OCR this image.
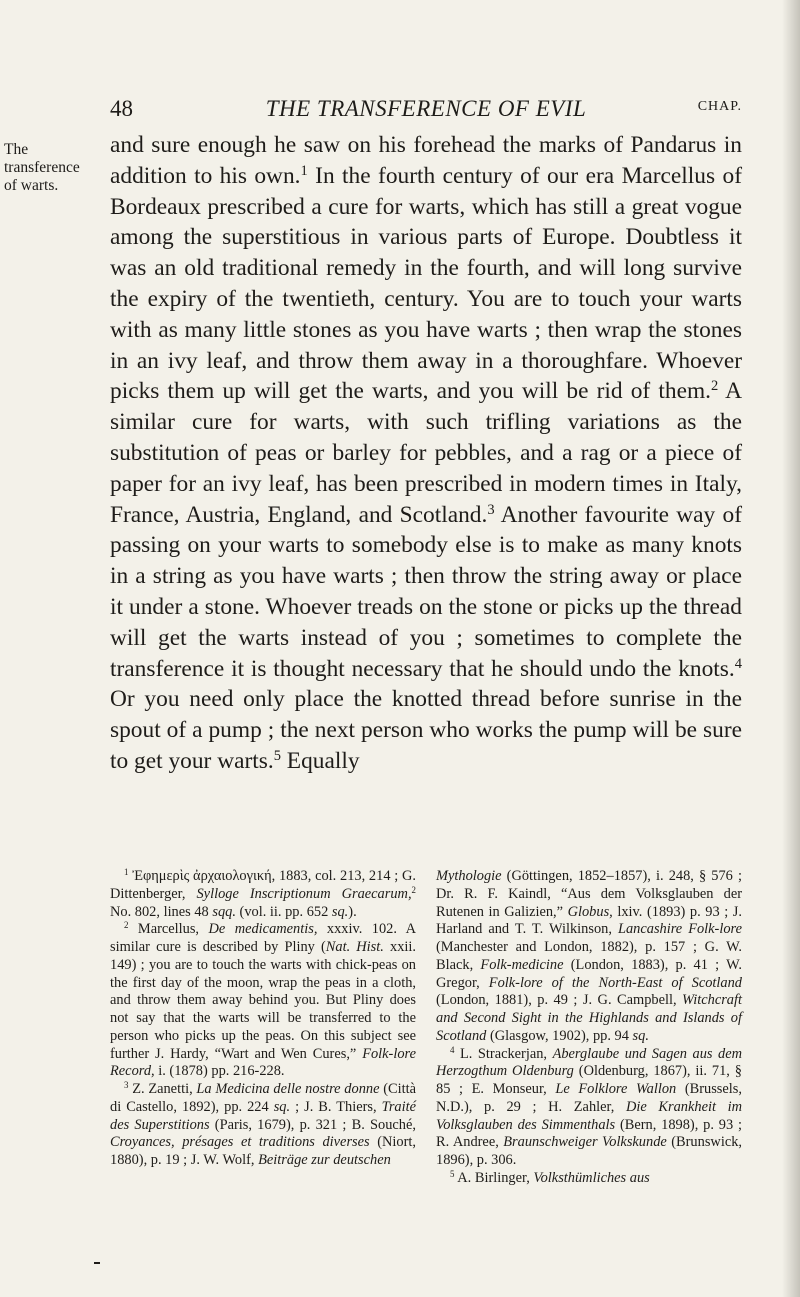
48	THE TRANSFERENCE OF EVIL	CHAP.
The transference of warts.

and sure enough he saw on his forehead the marks of Pandarus in addition to his own.$^1$ In the fourth century of our era Marcellus of Bordeaux prescribed a cure for warts, which has still a great vogue among the superstitious in various parts of Europe. Doubtless it was an old traditional remedy in the fourth, and will long survive the expiry of the twentieth, century. You are to touch your warts with as many little stones as you have warts ; then wrap the stones in an ivy leaf, and throw them away in a thoroughfare. Whoever picks them up will get the warts, and you will be rid of them.$^2$ A similar cure for warts, with such trifling variations as the substitution of peas or barley for pebbles, and a rag or a piece of paper for an ivy leaf, has been prescribed in modern times in Italy, France, Austria, England, and Scotland.$^3$ Another favourite way of passing on your warts to somebody else is to make as many knots in a string as you have warts ; then throw the string away or place it under a stone. Whoever treads on the stone or picks up the thread will get the warts instead of you ; sometimes to complete the transference it is thought necessary that he should undo the knots.$^4$ Or you need only place the knotted thread before sunrise in the spout of a pump ; the next person who works the pump will be sure to get your warts.$^5$ Equally

$^1$ Ἐφημερὶς ἀρχαιολογική, 1883, col. 213, 214 ; G. Dittenberger, Sylloge Inscriptionum Graecarum,$^2$ No. 802, lines 48 sqq. (vol. ii. pp. 652 sq.).

$^2$ Marcellus, De medicamentis, xxxiv. 102. A similar cure is described by Pliny (Nat. Hist. xxii. 149) ; you are to touch the warts with chick-peas on the first day of the moon, wrap the peas in a cloth, and throw them away behind you. But Pliny does not say that the warts will be transferred to the person who picks up the peas. On this subject see further J. Hardy, “Wart and Wen Cures,” Folk-lore Record, i. (1878) pp. 216-228.

$^3$ Z. Zanetti, La Medicina delle nostre donne (Città di Castello, 1892), pp. 224 sq. ; J. B. Thiers, Traité des Superstitions (Paris, 1679), p. 321 ; B. Souché, Croyances, présages et traditions diverses (Niort, 1880), p. 19 ; J. W. Wolf, Beiträge zur deutschen

Mythologie (Göttingen, 1852–1857), i. 248, § 576 ; Dr. R. F. Kaindl, “Aus dem Volksglauben der Rutenen in Galizien,” Globus, lxiv. (1893) p. 93 ; J. Harland and T. T. Wilkinson, Lancashire Folk-lore (Manchester and London, 1882), p. 157 ; G. W. Black, Folk-medicine (London, 1883), p. 41 ; W. Gregor, Folk-lore of the North-East of Scotland (London, 1881), p. 49 ; J. G. Campbell, Witchcraft and Second Sight in the Highlands and Islands of Scotland (Glasgow, 1902), pp. 94 sq.

$^4$ L. Strackerjan, Aberglaube und Sagen aus dem Herzogthum Oldenburg (Oldenburg, 1867), ii. 71, § 85 ; E. Monseur, Le Folklore Wallon (Brussels, N.D.), p. 29 ; H. Zahler, Die Krankheit im Volksglauben des Simmenthals (Bern, 1898), p. 93 ; R. Andree, Braunschweiger Volkskunde (Brunswick, 1896), p. 306.

$^5$ A. Birlinger, Volksthümliches aus
